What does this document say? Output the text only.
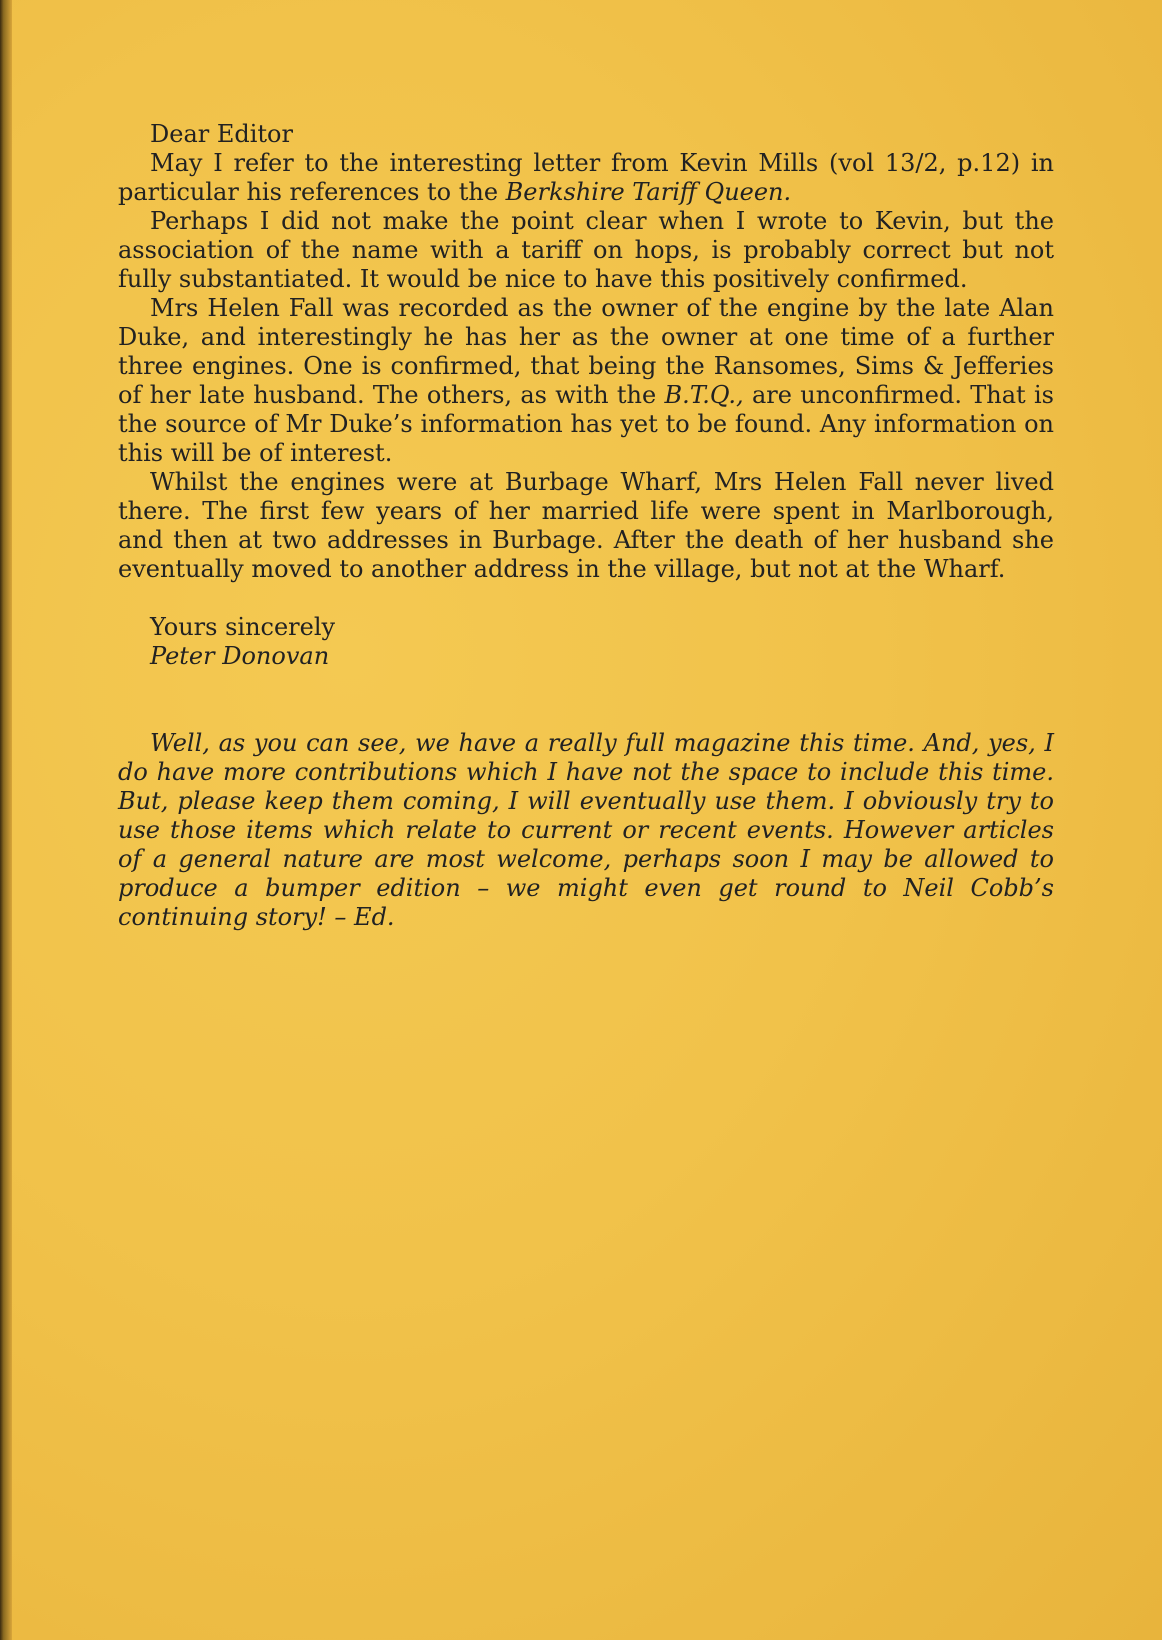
Dear Editor

May I refer to the interesting letter from Kevin Mills (vol 13/2, p.12) in particular his references to the Berkshire Tariff Queen.

Perhaps I did not make the point clear when I wrote to Kevin, but the association of the name with a tariff on hops, is probably correct but not fully substantiated. It would be nice to have this positively confirmed.

Mrs Helen Fall was recorded as the owner of the engine by the late Alan Duke, and interestingly he has her as the owner at one time of a further three engines. One is confirmed, that being the Ransomes, Sims & Jefferies of her late husband. The others, as with the B.T.Q., are unconfirmed. That is the source of Mr Duke’s information has yet to be found. Any information on this will be of interest.

Whilst the engines were at Burbage Wharf, Mrs Helen Fall never lived there. The first few years of her married life were spent in Marlborough, and then at two addresses in Burbage. After the death of her husband she eventually moved to another address in the village, but not at the Wharf.

Yours sincerely
Peter Donovan

Well, as you can see, we have a really full magazine this time. And, yes, I do have more contributions which I have not the space to include this time. But, please keep them coming, I will eventually use them. I obviously try to use those items which relate to current or recent events. However articles of a general nature are most welcome, perhaps soon I may be allowed to produce a bumper edition – we might even get round to Neil Cobb’s continuing story! – Ed.
